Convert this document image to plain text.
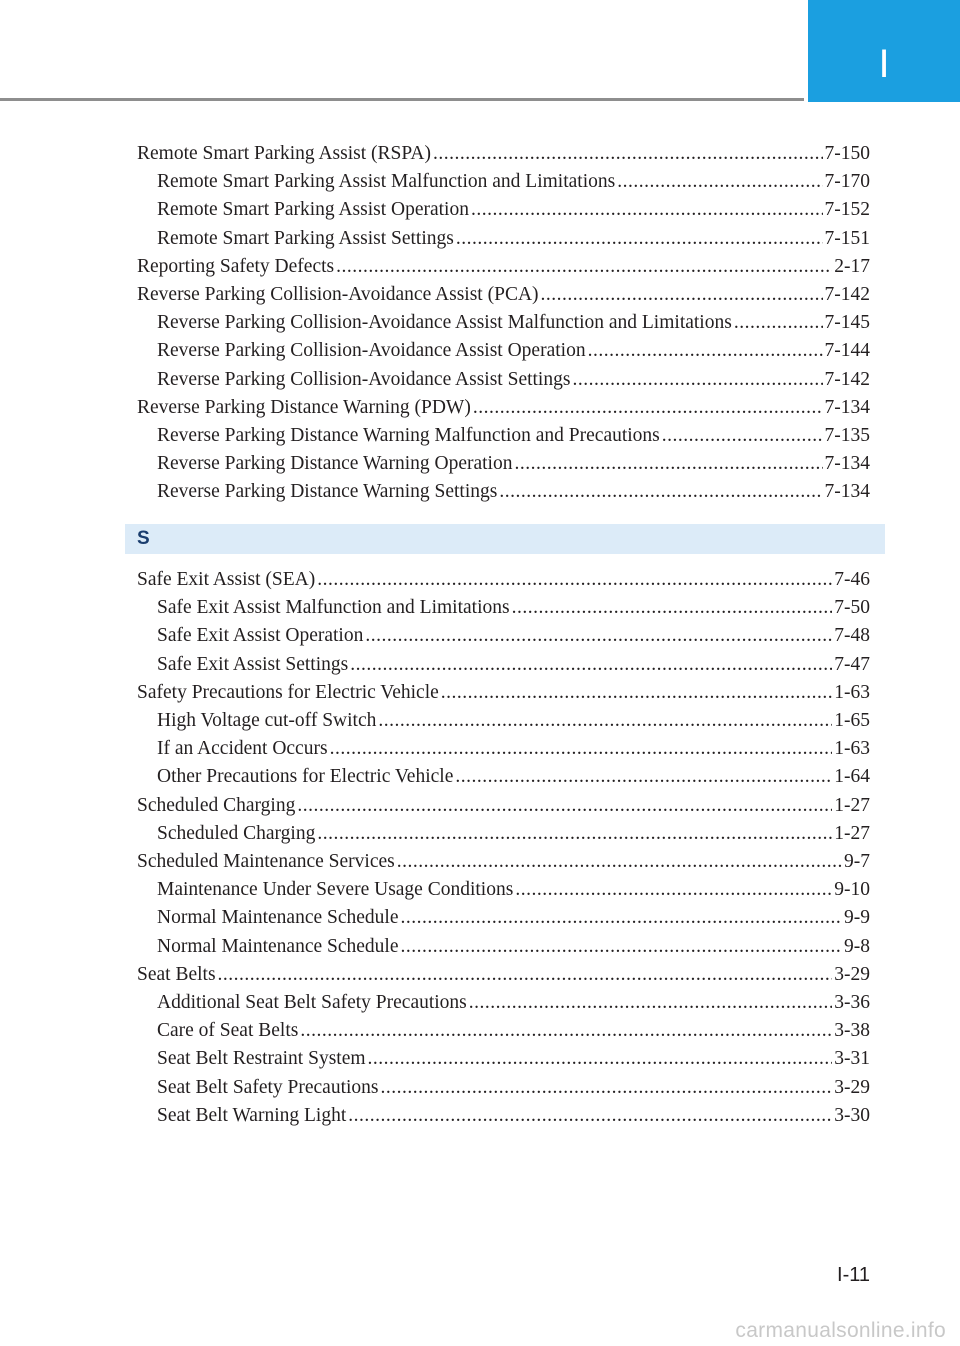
I
Remote Smart Parking Assist (RSPA) .....	7-150
Remote Smart Parking Assist Malfunction and Limitations .....	7-170
Remote Smart Parking Assist Operation .....	7-152
Remote Smart Parking Assist Settings .....	7-151
Reporting Safety Defects .....	2-17
Reverse Parking Collision-Avoidance Assist (PCA) .....	7-142
Reverse Parking Collision-Avoidance Assist Malfunction and Limitations .....	7-145
Reverse Parking Collision-Avoidance Assist Operation .....	7-144
Reverse Parking Collision-Avoidance Assist Settings .....	7-142
Reverse Parking Distance Warning (PDW) .....	7-134
Reverse Parking Distance Warning Malfunction and Precautions .....	7-135
Reverse Parking Distance Warning Operation .....	7-134
Reverse Parking Distance Warning Settings .....	7-134
S
Safe Exit Assist (SEA) .....	7-46
Safe Exit Assist Malfunction and Limitations .....	7-50
Safe Exit Assist Operation .....	7-48
Safe Exit Assist Settings .....	7-47
Safety Precautions for Electric Vehicle .....	1-63
High Voltage cut-off Switch .....	1-65
If an Accident Occurs .....	1-63
Other Precautions for Electric Vehicle .....	1-64
Scheduled Charging .....	1-27
Scheduled Charging .....	1-27
Scheduled Maintenance Services .....	9-7
Maintenance Under Severe Usage Conditions .....	9-10
Normal Maintenance Schedule .....	9-9
Normal Maintenance Schedule .....	9-8
Seat Belts .....	3-29
Additional Seat Belt Safety Precautions .....	3-36
Care of Seat Belts .....	3-38
Seat Belt Restraint System .....	3-31
Seat Belt Safety Precautions .....	3-29
Seat Belt Warning Light .....	3-30
I-11
carmanualsonline.info
